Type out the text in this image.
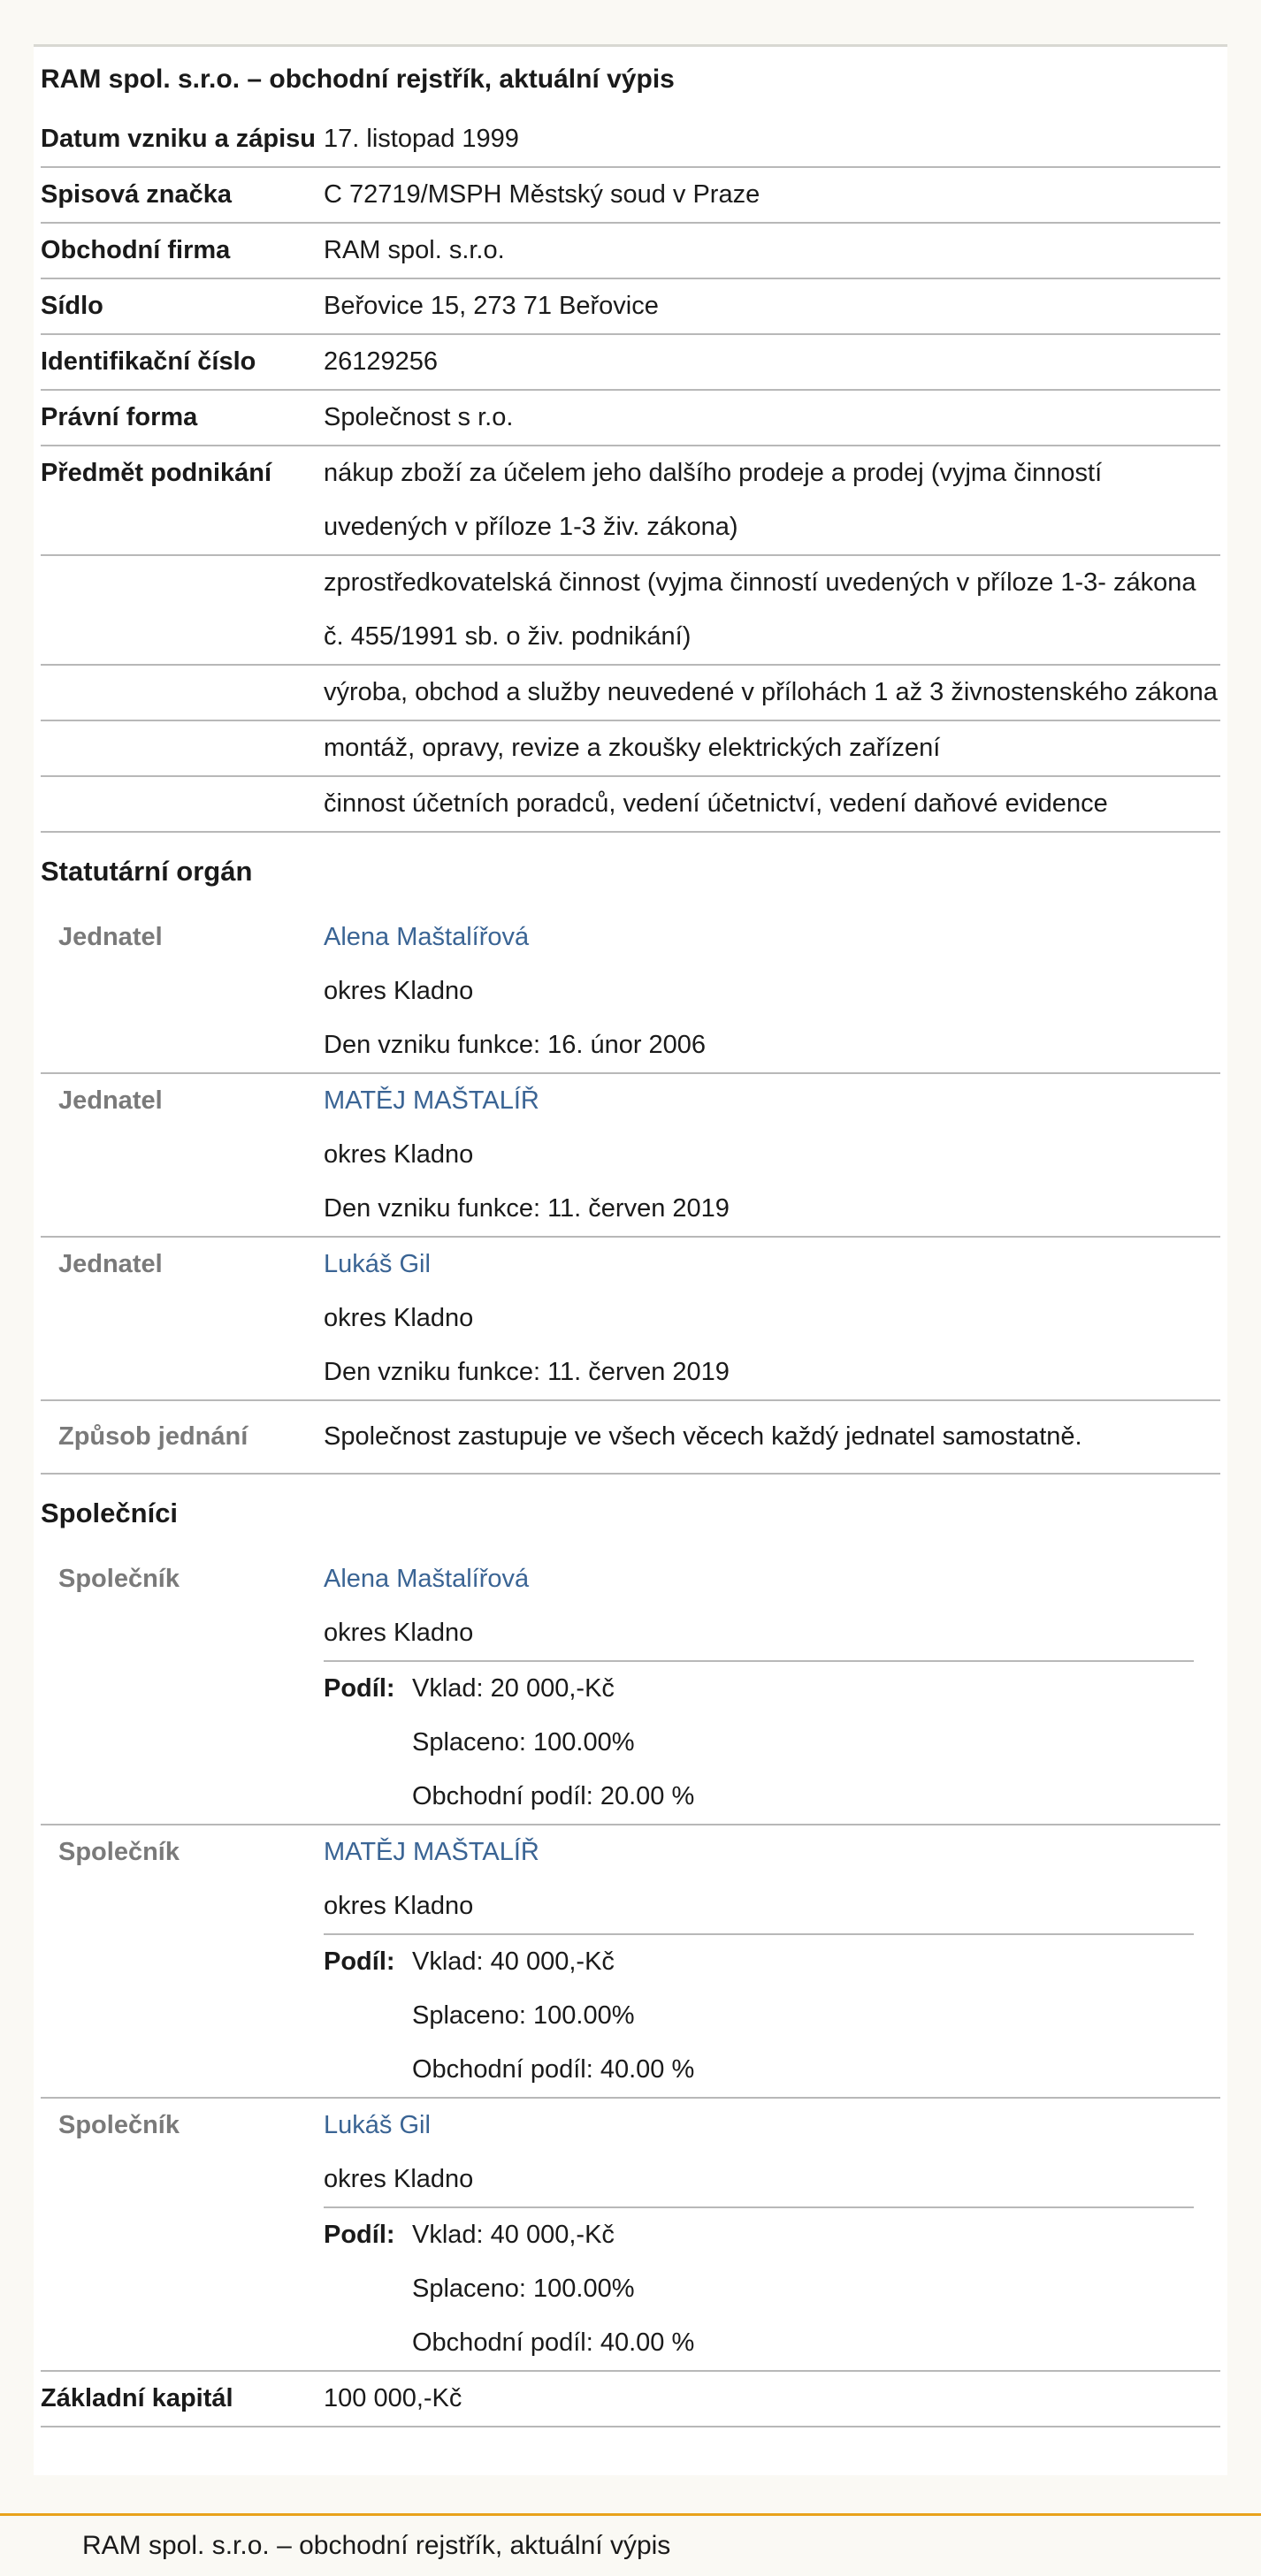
RAM spol. s.r.o. – obchodní rejstřík, aktuální výpis
Datum vzniku a zápisu 17. listopad 1999
Spisová značka	C 72719/MSPH Městský soud v Praze
Obchodní firma	RAM spol. s.r.o.
Sídlo	Beřovice 15, 273 71 Beřovice
Identifikační číslo	26129256
Právní forma	Společnost s r.o.
Předmět podnikání	nákup zboží za účelem jeho dalšího prodeje a prodej (vyjma činností uvedených v příloze 1-3 živ. zákona)
zprostředkovatelská činnost (vyjma činností uvedených v příloze 1-3- zákona č. 455/1991 sb. o živ. podnikání)
výroba, obchod a služby neuvedené v přílohách 1 až 3 živnostenského zákona
montáž, opravy, revize a zkoušky elektrických zařízení
činnost účetních poradců, vedení účetnictví, vedení daňové evidence
Statutární orgán
Jednatel	Alena Maštalířová
okres Kladno
Den vzniku funkce: 16. únor 2006
Jednatel	MATĚJ MAŠTALÍŘ
okres Kladno
Den vzniku funkce: 11. červen 2019
Jednatel	Lukáš Gil
okres Kladno
Den vzniku funkce: 11. červen 2019
Způsob jednání	Společnost zastupuje ve všech věcech každý jednatel samostatně.
Společníci
Společník	Alena Maštalířová
okres Kladno
Podíl: Vklad: 20 000,-Kč
Splaceno: 100.00%
Obchodní podíl: 20.00 %
Společník	MATĚJ MAŠTALÍŘ
okres Kladno
Podíl: Vklad: 40 000,-Kč
Splaceno: 100.00%
Obchodní podíl: 40.00 %
Společník	Lukáš Gil
okres Kladno
Podíl: Vklad: 40 000,-Kč
Splaceno: 100.00%
Obchodní podíl: 40.00 %
Základní kapitál	100 000,-Kč
RAM spol. s.r.o. – obchodní rejstřík, aktuální výpis
